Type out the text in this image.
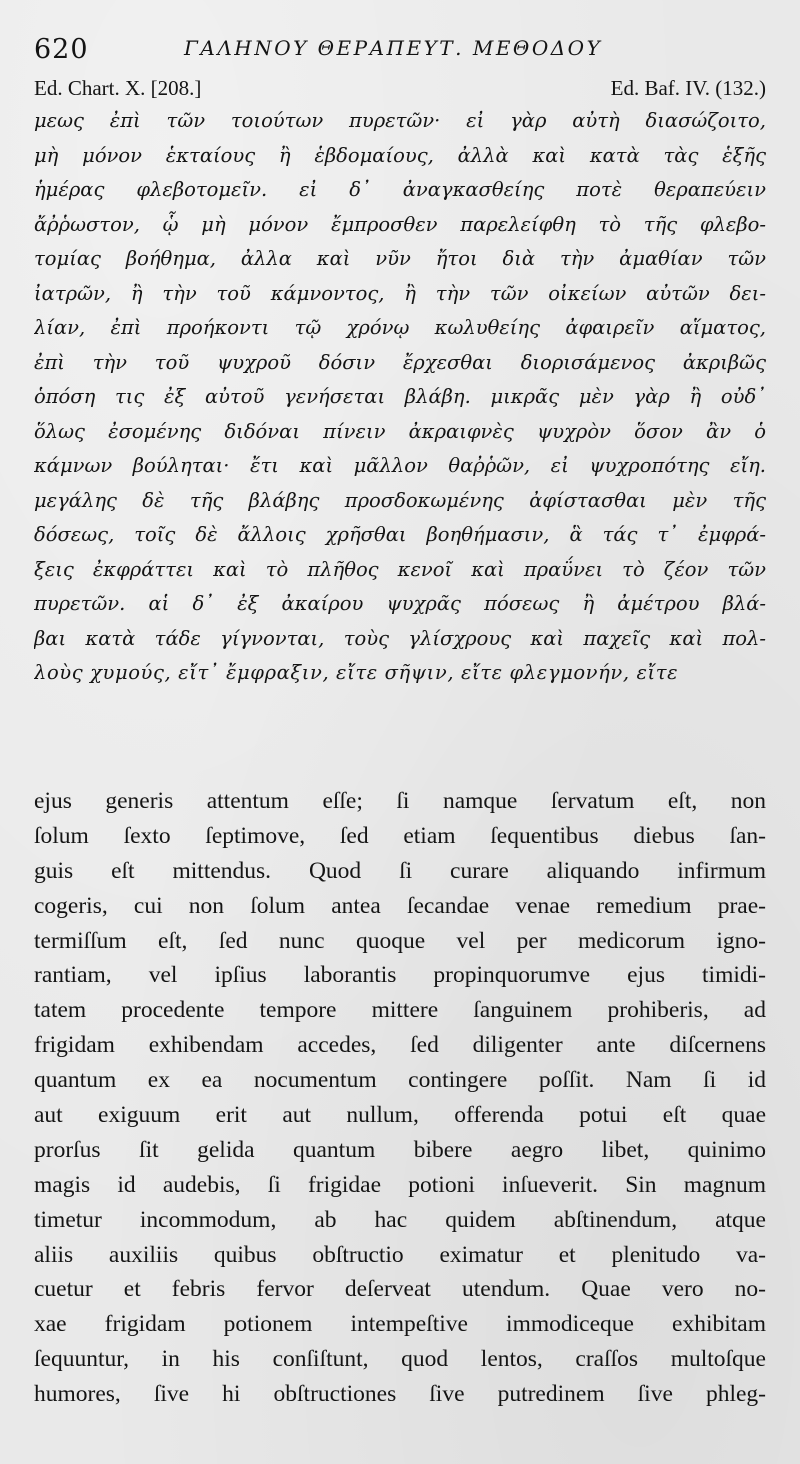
620	ΓΑΛΗΝΟΥ ΘΕΡΑΠΕΥΤ. ΜΕΘΟΔΟΥ
Ed. Chart. X. [208.]	Ed. Baf. IV. (132.)
μεως ἐπὶ τῶν τοιούτων πυρετῶν· εἰ γὰρ αὐτὴ διασώζοιτο,
μὴ μόνον ἑκταίους ἢ ἑβδομαίους, ἀλλὰ καὶ κατὰ τὰς ἑξῆς
ἡμέρας φλεβοτομεῖν. εἰ δ᾽ ἀναγκασθείης ποτὲ θεραπεύειν
ἄῤῥωστον, ᾧ μὴ μόνον ἔμπροσθεν παρελείφθη τὸ τῆς φλεβο-
τομίας βοήθημα, ἀλλα καὶ νῦν ἤτοι διὰ τὴν ἀμαθίαν τῶν
ἰατρῶν, ἢ τὴν τοῦ κάμνοντος, ἢ τὴν τῶν οἰκείων αὐτῶν δει-
λίαν, ἐπὶ προήκοντι τῷ χρόνῳ κωλυθείης ἀφαιρεῖν αἵματος,
ἐπὶ τὴν τοῦ ψυχροῦ δόσιν ἔρχεσθαι διορισάμενος ἀκριβῶς
ὁπόση τις ἐξ αὐτοῦ γενήσεται βλάβη. μικρᾶς μὲν γὰρ ἢ οὐδ᾽
ὅλως ἐσομένης διδόναι πίνειν ἀκραιφνὲς ψυχρὸν ὅσον ἂν ὁ
κάμνων βούληται· ἔτι καὶ μᾶλλον θαῤῥῶν, εἰ ψυχροπότης εἴη.
μεγάλης δὲ τῆς βλάβης προσδοκωμένης ἀφίστασθαι μὲν τῆς
δόσεως, τοῖς δὲ ἄλλοις χρῆσθαι βοηθήμασιν, ἃ τάς τ᾽ ἐμφρά-
ξεις ἐκφράττει καὶ τὸ πλῆθος κενοῖ καὶ πραΰνει τὸ ζέον τῶν
πυρετῶν. αἱ δ᾽ ἐξ ἀκαίρου ψυχρᾶς πόσεως ἢ ἀμέτρου βλά-
βαι κατὰ τάδε γίγνονται, τοὺς γλίσχρους καὶ παχεῖς καὶ πολ-
λοὺς χυμούς, εἴτ᾽ ἔμφραξιν, εἴτε σῆψιν, εἴτε φλεγμονήν, εἴτε
ejus generis attentum eſſe; ſi namque ſervatum eſt, non
ſolum ſexto ſeptimove, ſed etiam ſequentibus diebus ſan-
guis eſt mittendus. Quod ſi curare aliquando infirmum
cogeris, cui non ſolum antea ſecandae venae remedium prae-
termiſſum eſt, ſed nunc quoque vel per medicorum igno-
rantiam, vel ipſius laborantis propinquorumve ejus timidi-
tatem procedente tempore mittere ſanguinem prohiberis, ad
frigidam exhibendam accedes, ſed diligenter ante diſcernens
quantum ex ea nocumentum contingere poſſit. Nam ſi id
aut exiguum erit aut nullum, offerenda potui eſt quae
prorſus ſit gelida quantum bibere aegro libet, quinimo
magis id audebis, ſi frigidae potioni inſueverit. Sin magnum
timetur incommodum, ab hac quidem abſtinendum, atque
aliis auxiliis quibus obſtructio eximatur et plenitudo va-
cuetur et febris fervor deſerveat utendum. Quae vero no-
xae frigidam potionem intempeſtive immodiceque exhibitam
ſequuntur, in his conſiſtunt, quod lentos, craſſos multoſque
humores, ſive hi obſtructiones ſive putredinem ſive phleg-
